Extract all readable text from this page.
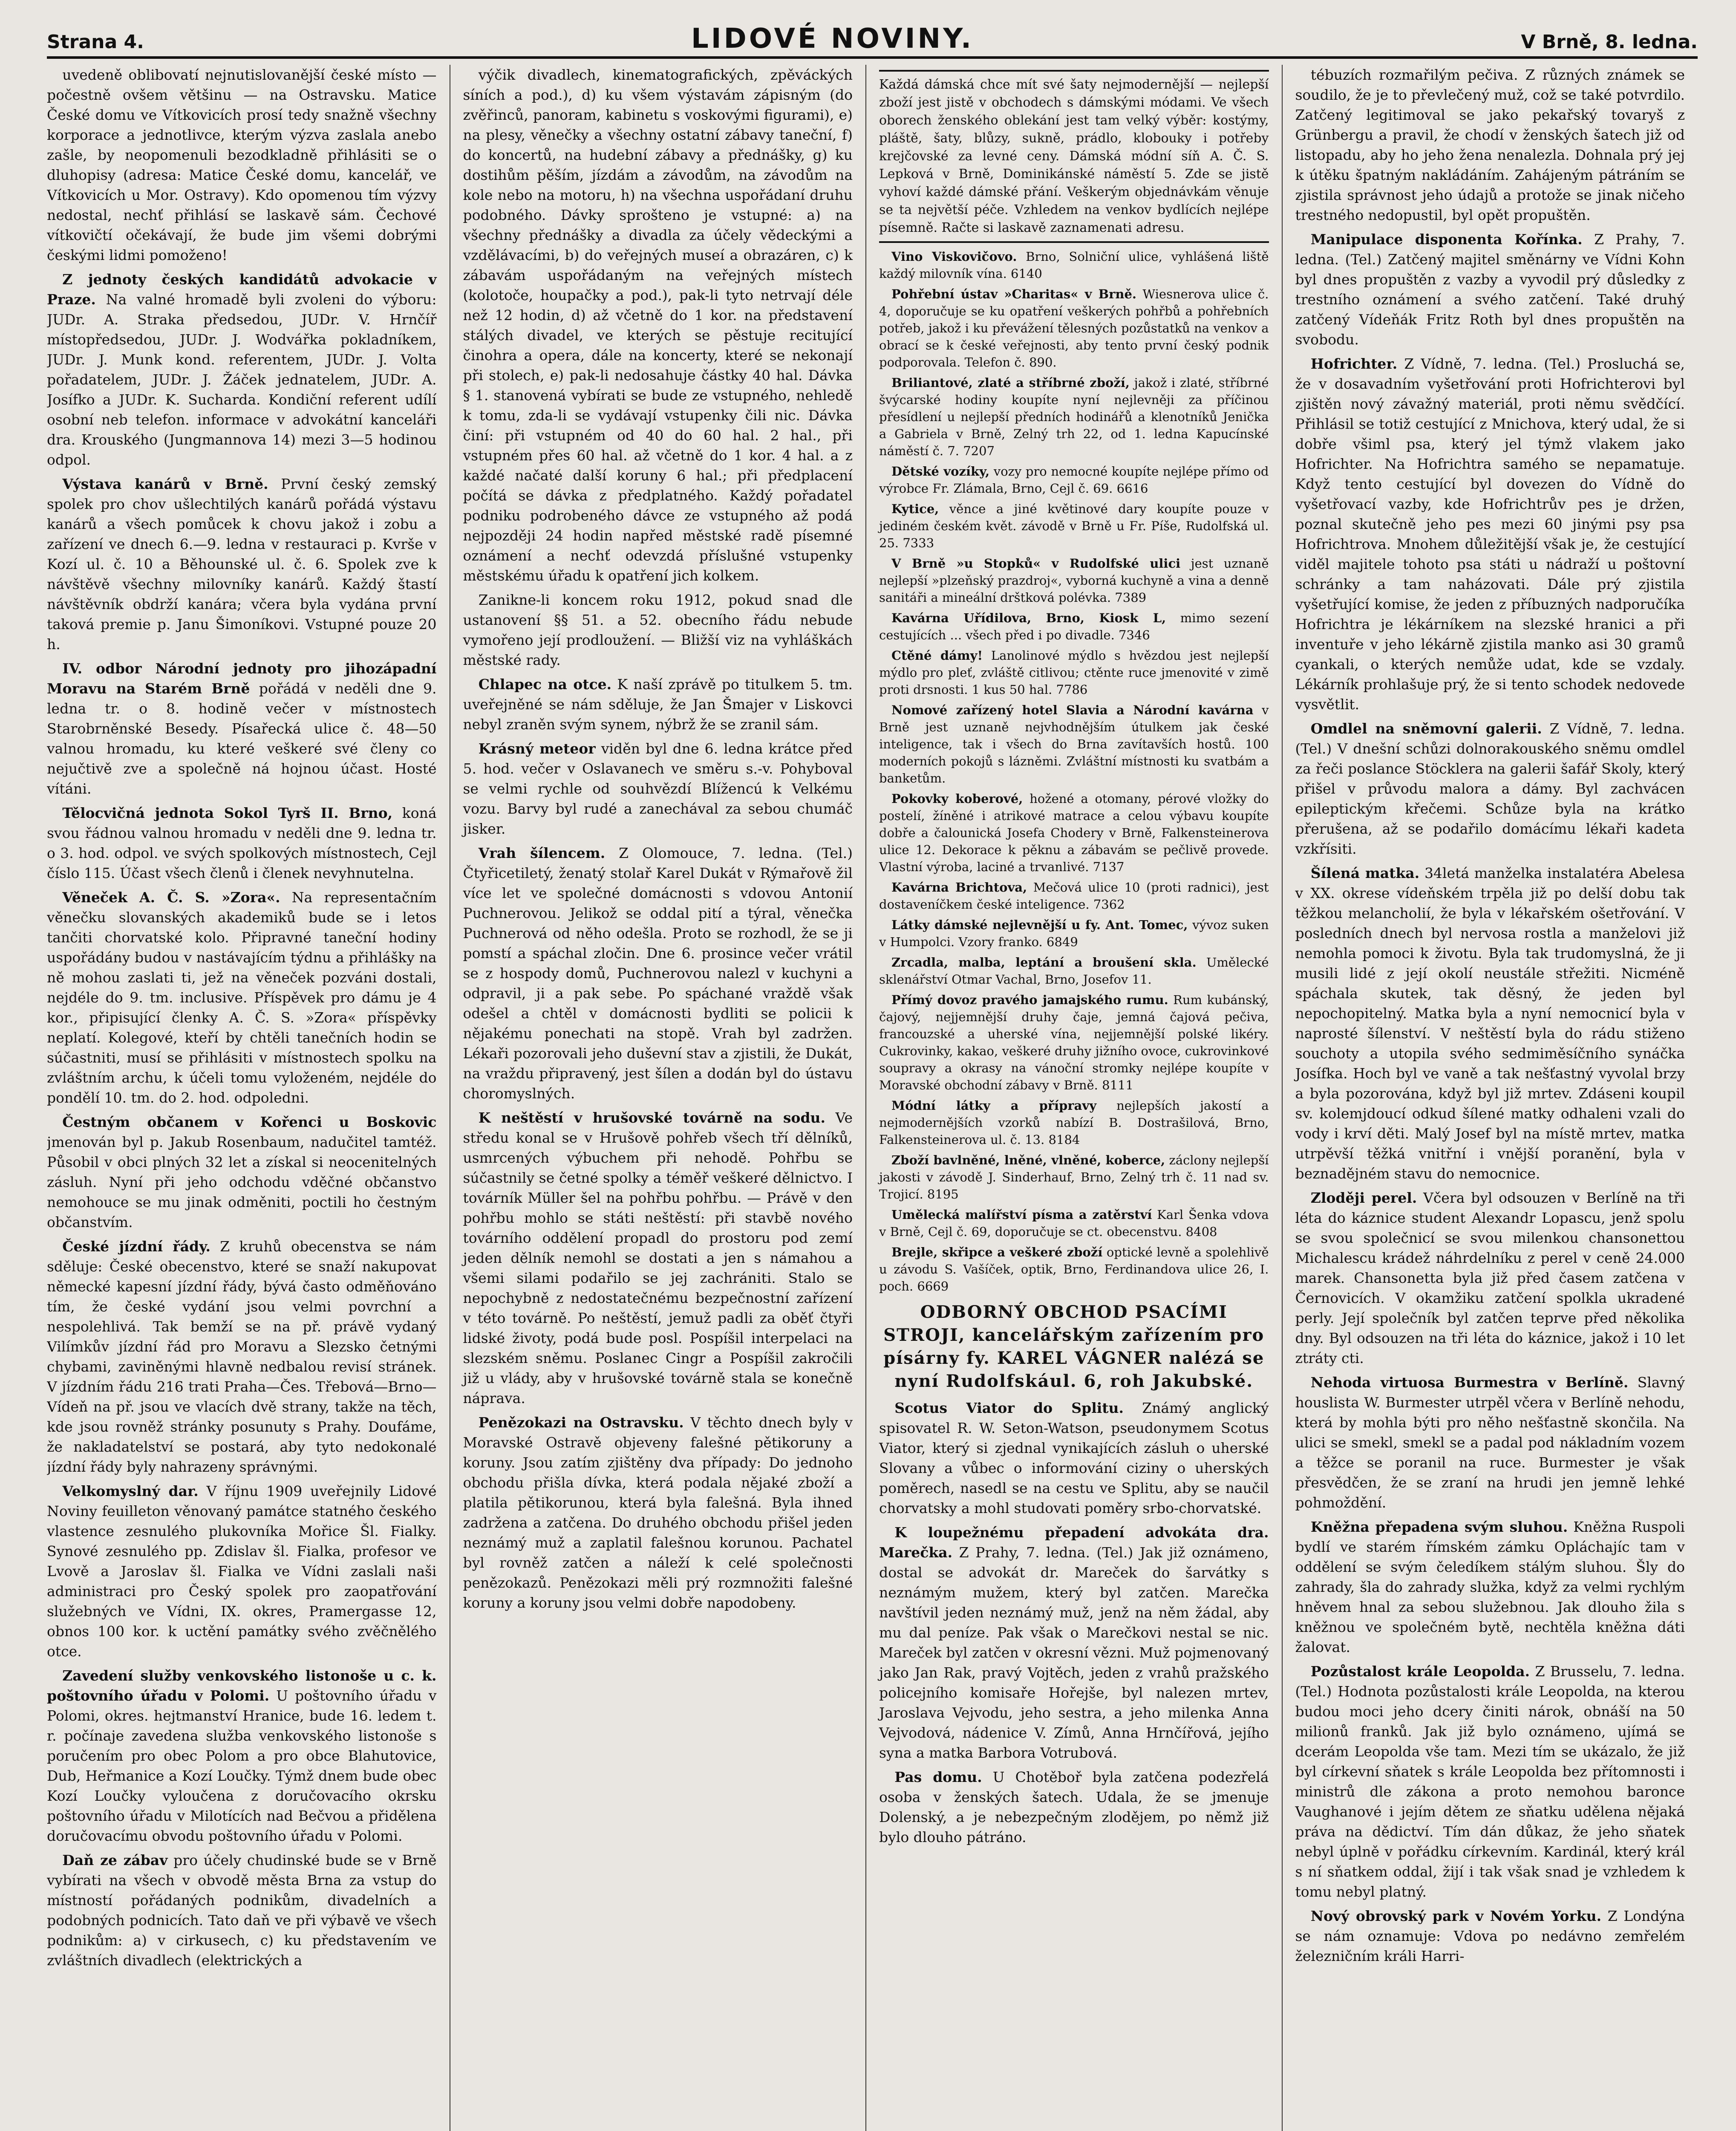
Strana 4.	LIDOVÉ NOVINY.	V Brně, 8. ledna.

uvedeně oblibovatí nejnutislovanější české místo — počestně ovšem většinu — na Ostravsku. Matice České domu ve Vítkovicích prosí tedy snažně všechny korporace a jednotlivce, kterým výzva zaslala anebo zašle, by neopomenuli bezodkladně přihlásiti se o dluhopisy (adresa: Matice České domu, kancelář, ve Vítkovicích u Mor. Ostravy). Kdo opomenou tím výzvy nedostal, nechť přihlásí se laskavě sám. Čechové vítkovičtí očekávají, že bude jim všemi dobrými českými lidmi pomoženo!

Z jednoty českých kandidátů advokacie v Praze. Na valné hromadě byli zvoleni do výboru: JUDr. A. Straka předsedou, JUDr. V. Hrnčíř místopředsedou, JUDr. J. Wodvářka pokladníkem, JUDr. J. Munk kond. referentem, JUDr. J. Volta pořadatelem, JUDr. J. Žáček jednatelem, JUDr. A. Josífko a JUDr. K. Sucharda. Kondiční referent udílí osobní neb telefon. informace v advokátní kanceláři dra. Krouského (Jungmannova 14) mezi 3—5 hodinou odpol.

Výstava kanárů v Brně. První český zemský spolek pro chov ušlechtilých kanárů pořádá výstavu kanárů a všech pomůcek k chovu jakož i zobu a zařízení ve dnech 6.—9. ledna v restauraci p. Kvrše v Kozí ul. č. 10 a Běhounské ul. č. 6. Spolek zve k návštěvě všechny milovníky kanárů. Každý štastí návštěvník obdrží kanára; včera byla vydána první taková premie p. Janu Šimoníkovi. Vstupné pouze 20 h.

IV. odbor Národní jednoty pro jihozápadní Moravu na Starém Brně pořádá v neděli dne 9. ledna tr. o 8. hodině večer v místnostech Starobrněnské Besedy. Písařecká ulice č. 48—50 valnou hromadu, ku které veškeré své členy co nejučtivě zve a společně ná hojnou účast. Hosté vítáni.

Tělocvičná jednota Sokol Tyrš II. Brno, koná svou řádnou valnou hromadu v neděli dne 9. ledna tr. o 3. hod. odpol. ve svých spolkových místnostech, Cejl číslo 115. Účast všech členů i členek nevyhnutelna.

Věneček A. Č. S. »Zora«. Na representačním věnečku slovanských akademiků bude se i letos tančiti chorvatské kolo. Připravné taneční hodiny uspořádány budou v nastávajícím týdnu a přihlášky na ně mohou zaslati ti, jež na věneček pozváni dostali, nejdéle do 9. tm. inclusive. Příspěvek pro dámu je 4 kor., připisující členky A. Č. S. »Zora« příspěvky neplatí. Kolegové, kteří by chtěli tanečních hodin se súčastniti, musí se přihlásiti v místnostech spolku na zvláštním archu, k účeli tomu vyloženém, nejdéle do pondělí 10. tm. do 2. hod. odpoledni.

Čestným občanem v Kořenci u Boskovic jmenován byl p. Jakub Rosenbaum, nadučitel tamtéž. Působil v obci plných 32 let a získal si neocenitelných zásluh. Nyní při jeho odchodu vděčné občanstvo nemohouce se mu jinak odměniti, poctili ho čestným občanstvím.

České jízdní řády. Z kruhů obecenstva se nám sděluje: České obecenstvo, které se snaží nakupovat německé kapesní jízdní řády, bývá často odměňováno tím, že české vydání jsou velmi povrchní a nespolehlivá. Tak bemží se na př. právě vydaný Vilímkův jízdní řád pro Moravu a Slezsko četnými chybami, zaviněnými hlavně nedbalou revisí stránek. V jízdním řádu 216 trati Praha—Čes. Třebová—Brno—Vídeň na př. jsou ve vlacích dvě strany, takže na těch, kde jsou rovněž stránky posunuty s Prahy. Doufáme, že nakladatelství se postará, aby tyto nedokonalé jízdní řády byly nahrazeny správnými.

Velkomyslný dar. V říjnu 1909 uveřejnily Lidové Noviny feuilleton věnovaný památce statného českého vlastence zesnulého plukovníka Mořice Šl. Fialky. Synové zesnulého pp. Zdislav šl. Fialka, profesor ve Lvově a Jaroslav šl. Fialka ve Vídni zaslali naši administraci pro Český spolek pro zaopatřování služebných ve Vídni, IX. okres, Pramergasse 12, obnos 100 kor. k uctění památky svého zvěčnělého otce.

Zavedení služby venkovského listonoše u c. k. poštovního úřadu v Polomi. U poštovního úřadu v Polomi, okres. hejtmanství Hranice, bude 16. ledem t. r. počínaje zavedena služba venkovského listonoše s poručením pro obec Polom a pro obce Blahutovice, Dub, Heřmanice a Kozí Loučky. Týmž dnem bude obec Kozí Loučky vyloučena z doručovacího okrsku poštovního úřadu v Milotících nad Bečvou a přidělena doručovacímu obvodu poštovního úřadu v Polomi.

Daň ze zábav pro účely chudinské bude se v Brně vybírati na všech v obvodě města Brna za vstup do místností pořádaných podnikům, divadelních a podobných podnicích. Tato daň ve při výbavě ve všech podnikům: a) v cirkusech, c) ku představením ve zvláštních divadlech (elektrických a

výčik divadlech, kinematografických, zpěváckých síních a pod.), d) ku všem výstavám zápisným (do zvěřinců, panoram, kabinetu s voskovými figurami), e) na plesy, věnečky a všechny ostatní zábavy taneční, f) do koncertů, na hudební zábavy a přednášky, g) ku dostihům pěším, jízdám a závodům, na závodům na kole nebo na motoru, h) na všechna uspořádaní druhu podobného. Dávky sprošteno je vstupné: a) na všechny přednášky a divadla za účely vědeckými a vzdělávacími, b) do veřejných museí a obrazáren, c) k zábavám uspořádaným na veřejných místech (kolotoče, houpačky a pod.), pak-li tyto netrvají déle než 12 hodin, d) až včetně do 1 kor. na představení stálých divadel, ve kterých se pěstuje recitující činohra a opera, dále na koncerty, které se nekonají při stolech, e) pak-li nedosahuje částky 40 hal. Dávka § 1. stanovená vybírati se bude ze vstupného, nehledě k tomu, zda-li se vydávají vstupenky čili nic. Dávka činí: při vstupném od 40 do 60 hal. 2 hal., při vstupném přes 60 hal. až včetně do 1 kor. 4 hal. a z každé načaté další koruny 6 hal.; při předplacení počítá se dávka z předplatného. Každý pořadatel podniku podrobeného dávce ze vstupného až podá nejpozději 24 hodin napřed městské radě písemné oznámení a nechť odevzdá příslušné vstupenky městskému úřadu k opatření jich kolkem.

Zanikne-li koncem roku 1912, pokud snad dle ustanovení §§ 51. a 52. obecního řádu nebude vymořeno její prodloužení. — Bližší viz na vyhláškách městské rady.

Chlapec na otce. K naší zprávě po titulkem 5. tm. uveřejněné se nám sděluje, že Jan Šmajer v Liskovci nebyl zraněn svým synem, nýbrž že se zranil sám.

Krásný meteor viděn byl dne 6. ledna krátce před 5. hod. večer v Oslavanech ve směru s.-v. Pohyboval se velmi rychle od souhvězdí Blížencú k Velkému vozu. Barvy byl rudé a zanechával za sebou chumáč jisker.

Vrah šílencem. Z Olomouce, 7. ledna. (Tel.) Čtyřicetiletý, ženatý stolař Karel Dukát v Rýmařově žil více let ve společné domácnosti s vdovou Antonií Puchnerovou. Jelikož se oddal pití a týral, věnečka Puchnerová od něho odešla. Proto se rozhodl, že se ji pomstí a spáchal zločin. Dne 6. prosince večer vrátil se z hospody domů, Puchnerovou nalezl v kuchyni a odpravil, ji a pak sebe. Po spáchané vraždě však odešel a chtěl v domácnosti bydliti se policii k nějakému ponechati na stopě. Vrah byl zadržen. Lékaři pozorovali jeho duševní stav a zjistili, že Dukát, na vraždu připravený, jest šílen a dodán byl do ústavu choromyslných.

K neštěstí v hrušovské továrně na sodu. Ve středu konal se v Hrušově pohřeb všech tří dělníků, usmrcených výbuchem při nehodě. Pohřbu se súčastnily se četné spolky a téměř veškeré dělnictvo. I továrník Müller šel na pohřbu pohřbu. — Právě v den pohřbu mohlo se státi neštěstí: při stavbě nového továrního oddělení propadl do prostoru pod zemí jeden dělník nemohl se dostati a jen s námahou a všemi silami podařilo se jej zachrániti. Stalo se nepochybně z nedostatečnému bezpečnostní zařízení v této továrně. Po neštěstí, jemuž padli za oběť čtyři lidské životy, podá bude posl. Pospíšil interpelaci na slezském sněmu. Poslanec Cingr a Pospíšil zakročili již u vlády, aby v hrušovské továrně stala se konečně náprava.

Penězokazi na Ostravsku. V těchto dnech byly v Moravské Ostravě objeveny falešné pětikoruny a koruny. Jsou zatím zjištěny dva případy: Do jednoho obchodu přišla dívka, která podala nějaké zboží a platila pětikorunou, která byla falešná. Byla ihned zadržena a zatčena. Do druhého obchodu přišel jeden neznámý muž a zaplatil falešnou korunou. Pachatel byl rovněž zatčen a náleží k celé společnosti penězokazů. Penězokazi měli prý rozmnožiti falešné koruny a koruny jsou velmi dobře napodobeny.

Každá dámská chce mít své šaty nejmodernější — nejlepší zboží jest jistě v obchodech s dámskými módami. Ve všech oborech ženského oblekání jest tam velký výběr: kostýmy, pláště, šaty, blůzy, sukně, prádlo, klobouky i potřeby krejčovské za levné ceny. Dámská módní síň A. Č. S. Lepková v Brně, Dominikánské náměstí 5. Zde se jistě vyhoví každé dámské přání. Veškerým objednávkám věnuje se ta největší péče. Vzhledem na venkov bydlících nejlépe písemně. Račte si laskavě zaznamenati adresu.

Vino Viskovičovo. Brno, Solniční ulice, vyhlášená liště každý milovník vína. 6140

Pohřební ústav »Charitas« v Brně. Wiesnerova ulice č. 4, doporučuje se ku opatření veškerých pohřbů a pohřebních potřeb, jakož i ku převážení tělesných pozůstatků na venkov a obrací se k české veřejnosti, aby tento první český podnik podporovala. Telefon č. 890.

Briliantové, zlaté a stříbrné zboží, jakož i zlaté, stříbrné švýcarské hodiny koupíte nyní nejlevněji za příčinou přesídlení u nejlepší předních hodinářů a klenotníků Jenička a Gabriela v Brně, Zelný trh 22, od 1. ledna Kapucínské náměstí č. 7. 7207

Dětské vozíky, vozy pro nemocné koupíte nejlépe přímo od výrobce Fr. Zlámala, Brno, Cejl č. 69. 6616

Kytice, věnce a jiné květinové dary koupíte pouze v jediném českém květ. závodě v Brně u Fr. Píše, Rudolfská ul. 25. 7333

V Brně »u Stopků« v Rudolfské ulici jest uznaně nejlepší »plzeňský prazdroj«, vyborná kuchyně a vina a denně sanitáři a mineální drštková polévka. 7389

Kavárna Uřídilova, Brno, Kiosk L, mimo sezení cestujících ... všech před i po divadle. 7346

Ctěné dámy! Lanolinové mýdlo s hvězdou jest nejlepší mýdlo pro pleť, zvláště citlivou; ctěnte ruce jmenovité v zimě proti drsnosti. 1 kus 50 hal. 7786

Nomové zařízený hotel Slavia a Národní kavárna v Brně jest uznaně nejvhodnějším útulkem jak české inteligence, tak i všech do Brna zavítavších hostů. 100 moderních pokojů s lázněmi. Zvláštní místnosti ku svatbám a banketům.

Pokovky koberové, hožené a otomany, pérové vložky do postelí, žíněné i atrikové matrace a celou výbavu koupíte dobře a čalounická Josefa Chodery v Brně, Falkensteinerova ulice 12. Dekorace k pěknu a zábavám se pečlivě provede. Vlastní výroba, laciné a trvanlivé. 7137

Kavárna Brichtova, Mečová ulice 10 (proti radnici), jest dostaveníčkem české inteligence. 7362

Látky dámské nejlevnější u fy. Ant. Tomec, vývoz suken v Humpolci. Vzory franko. 6849

Zrcadla, malba, leptání a broušení skla. Umělecké sklenářství Otmar Vachal, Brno, Josefov 11.

Přímý dovoz pravého jamajského rumu. Rum kubánský, čajový, nejjemnější druhy čaje, jemná čajová pečiva, francouzské a uherské vína, nejjemnější polské likéry. Cukrovinky, kakao, veškeré druhy jižního ovoce, cukrovinkové soupravy a okrasy na vánoční stromky nejlépe koupíte v Moravské obchodní zábavy v Brně. 8111

Módní látky a přípravy nejlepších jakostí a nejmodernějších vzorků nabízí B. Dostrašilová, Brno, Falkensteinerova ul. č. 13. 8184

Zboží bavlněné, lněné, vlněné, koberce, záclony nejlepší jakosti v závodě J. Sinderhauf, Brno, Zelný trh č. 11 nad sv. Trojicí. 8195

Umělecká malířství písma a zatěrství Karl Šenka vdova v Brně, Cejl č. 69, doporučuje se ct. obecenstvu. 8408

Brejle, skřipce a veškeré zboží optické levně a spolehlivě u závodu S. Vašíček, optik, Brno, Ferdinandova ulice 26, I. poch. 6669

ODBORNÝ OBCHOD PSACÍMI STROJI, kancelářským zařízením pro písárny fy. KAREL VÁGNER nalézá se nyní Rudolfskául. 6, roh Jakubské.

Scotus Viator do Splitu. Známý anglický spisovatel R. W. Seton-Watson, pseudonymem Scotus Viator, který si zjednal vynikajících zásluh o uherské Slovany a vůbec o informování ciziny o uherských poměrech, nasedl se na cestu ve Splitu, aby se naučil chorvatsky a mohl studovati poměry srbo-chorvatské.

K loupežnému přepadení advokáta dra. Marečka. Z Prahy, 7. ledna. (Tel.) Jak již oznámeno, dostal se advokát dr. Mareček do šarvátky s neznámým mužem, který byl zatčen. Marečka navštívil jeden neznámý muž, jenž na něm žádal, aby mu dal peníze. Pak však o Marečkovi nestal se nic. Mareček byl zatčen v okresní vězni. Muž pojmenovaný jako Jan Rak, pravý Vojtěch, jeden z vrahů pražského policejního komisaře Hořejše, byl nalezen mrtev, Jaroslava Vejvodu, jeho sestra, a jeho milenka Anna Vejvodová, nádenice V. Zímů, Anna Hrnčířová, jejího syna a matka Barbora Votrubová.

Pas domu. U Chotěboř byla zatčena podezřelá osoba v ženských šatech. Udala, že se jmenuje Dolenský, a je nebezpečným zlodějem, po němž již bylo dlouho pátráno.

tébuzích rozmařilým pečiva. Z různých známek se soudilo, že je to převlečený muž, což se také potvrdilo. Zatčený legitimoval se jako pekařský tovaryš z Grünbergu a pravil, že chodí v ženských šatech již od listopadu, aby ho jeho žena nenalezla. Dohnala prý jej k útěku špatným nakládáním. Zahájeným pátráním se zjistila správnost jeho údajů a protože se jinak ničeho trestného nedopustil, byl opět propuštěn.

Manipulace disponenta Kořínka. Z Prahy, 7. ledna. (Tel.) Zatčený majitel směnárny ve Vídni Kohn byl dnes propuštěn z vazby a vyvodil prý důsledky z trestního oznámení a svého zatčení. Také druhý zatčený Vídeňák Fritz Roth byl dnes propuštěn na svobodu.

Hofrichter. Z Vídně, 7. ledna. (Tel.) Prosluchá se, že v dosavadním vyšetřování proti Hofrichterovi byl zjištěn nový závažný materiál, proti němu svědčící. Přihlásil se totiž cestující z Mnichova, který udal, že si dobře všiml psa, který jel týmž vlakem jako Hofrichter. Na Hofrichtra samého se nepamatuje. Když tento cestující byl dovezen do Vídně do vyšetřovací vazby, kde Hofrichtrův pes je držen, poznal skutečně jeho pes mezi 60 jinými psy psa Hofrichtrova. Mnohem důležitější však je, že cestující viděl majitele tohoto psa státi u nádraží u poštovní schránky a tam naházovati. Dále prý zjistila vyšetřující komise, že jeden z příbuzných nadporučíka Hofrichtra je lékárníkem na slezské hranici a při inventuře v jeho lékárně zjistila manko asi 30 gramů cyankali, o kterých nemůže udat, kde se vzdaly. Lékárník prohlašuje prý, že si tento schodek nedovede vysvětlit.

Omdlel na sněmovní galerii. Z Vídně, 7. ledna. (Tel.) V dnešní schůzi dolnorakouského sněmu omdlel za řeči poslance Stöcklera na galerii šafář Skoly, který přišel v průvodu malora a dámy. Byl zachvácen epileptickým křečemi. Schůze byla na krátko přerušena, až se podařilo domácímu lékaři kadeta vzkřísiti.

Šílená matka. 34letá manželka instalatéra Abelesa v XX. okrese vídeňském trpěla již po delší dobu tak těžkou melancholií, že byla v lékařském ošetřování. V posledních dnech byl nervosa rostla a manželovi již nemohla pomoci k životu. Byla tak trudomyslná, že ji musili lidé z její okolí neustále střežiti. Nicméně spáchala skutek, tak děsný, že jeden byl nepochopitelný. Matka byla a nyní nemocnicí byla v naprosté šílenství. V neštěstí byla do rádu stiženo souchoty a utopila svého sedmiměsíčního synáčka Josífka. Hoch byl ve vaně a tak nešťastný vyvolal brzy a byla pozorována, když byl již mrtev. Zdáseni koupil sv. kolemjdoucí odkud šílené matky odhaleni vzali do vody i krví děti. Malý Josef byl na místě mrtev, matka utrpěvší těžká vnitřní i vnější poranění, byla v beznadějném stavu do nemocnice.

Zloději perel. Včera byl odsouzen v Berlíně na tři léta do káznice student Alexandr Lopascu, jenž spolu se svou společnicí se svou milenkou chansonettou Michalescu krádež náhrdelníku z perel v ceně 24.000 marek. Chansonetta byla již před časem zatčena v Černovicích. V okamžiku zatčení spolkla ukradené perly. Její společník byl zatčen teprve před několika dny. Byl odsouzen na tři léta do káznice, jakož i 10 let ztráty cti.

Nehoda virtuosa Burmestra v Berlíně. Slavný houslista W. Burmester utrpěl včera v Berlíně nehodu, která by mohla býti pro něho nešťastně skončila. Na ulici se smekl, smekl se a padal pod nákladním vozem a těžce se poranil na ruce. Burmester je však přesvědčen, že se zraní na hrudi jen jemně lehké pohmoždění.

Kněžna přepadena svým sluhou. Kněžna Ruspoli bydlí ve starém římském zámku Opláchajíc tam v oddělení se svým čeledíkem stálým sluhou. Šly do zahrady, šla do zahrady služka, když za velmi rychlým hněvem hnal za sebou služebnou. Jak dlouho žila s kněžnou ve společném bytě, nechtěla kněžna dáti žalovat.

Pozůstalost krále Leopolda. Z Brusselu, 7. ledna. (Tel.) Hodnota pozůstalosti krále Leopolda, na kterou budou moci jeho dcery činiti nárok, obnáší na 50 milionů franků. Jak již bylo oznámeno, ujímá se dcerám Leopolda vše tam. Mezi tím se ukázalo, že již byl církevní sňatek s krále Leopolda bez přítomnosti i ministrů dle zákona a proto nemohou baronce Vaughanové i jejím dětem ze sňatku udělena nějaká práva na dědictví. Tím dán důkaz, že jeho sňatek nebyl úplně v pořádku církevním. Kardinál, který král s ní sňatkem oddal, žijí i tak však snad je vzhledem k tomu nebyl platný.

Nový obrovský park v Novém Yorku. Z Londýna se nám oznamuje: Vdova po nedávno zemřelém železničním králi Harri-
